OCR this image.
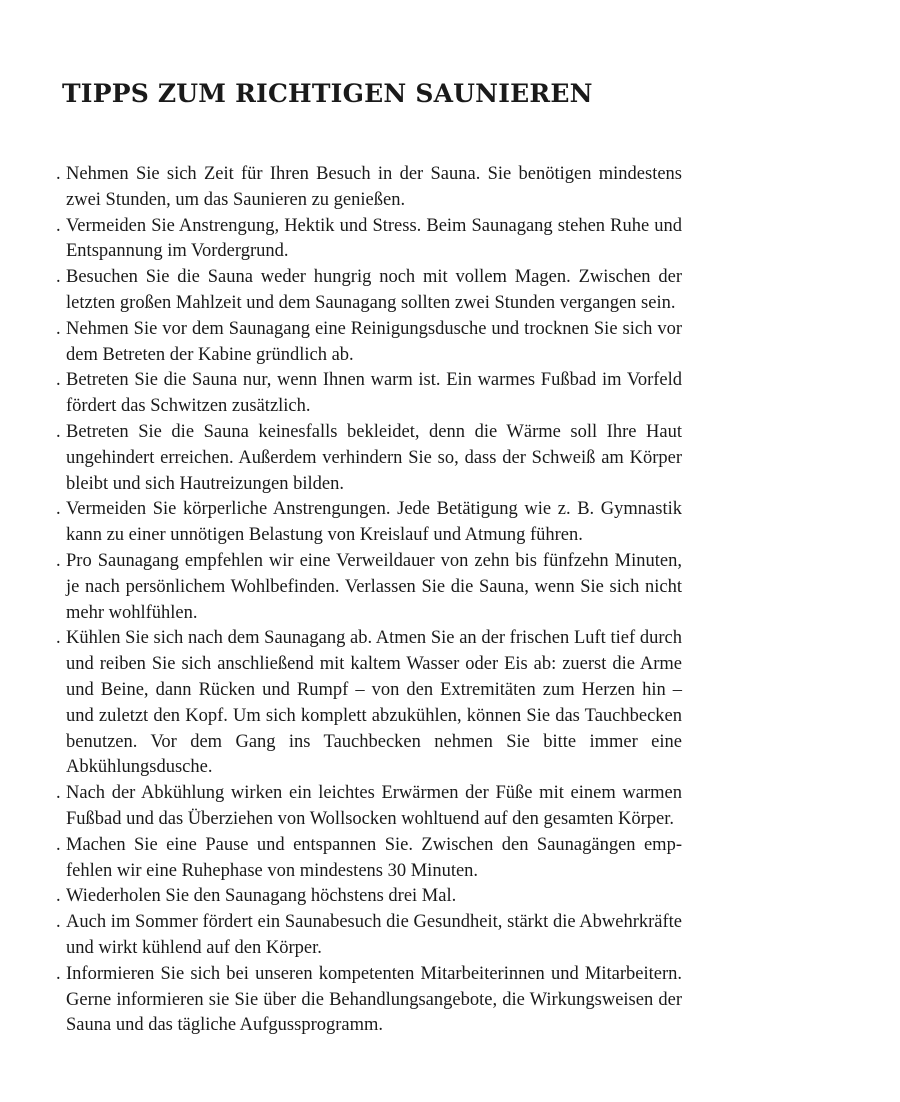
TIPPS ZUM RICHTIGEN SAUNIEREN
. Nehmen Sie sich Zeit für Ihren Besuch in der Sauna. Sie benötigen mindestens zwei Stunden, um das Saunieren zu genießen.
. Vermeiden Sie Anstrengung, Hektik und Stress. Beim Saunagang stehen Ruhe und Entspannung im Vordergrund.
. Besuchen Sie die Sauna weder hungrig noch mit vollem Magen. Zwischen der letzten großen Mahlzeit und dem Saunagang sollten zwei Stunden vergangen sein.
. Nehmen Sie vor dem Saunagang eine Reinigungsdusche und trocknen Sie sich vor dem Betreten der Kabine gründlich ab.
. Betreten Sie die Sauna nur, wenn Ihnen warm ist. Ein warmes Fußbad im Vorfeld fördert das Schwitzen zusätzlich.
. Betreten Sie die Sauna keinesfalls bekleidet, denn die Wärme soll Ihre Haut ungehindert erreichen. Außerdem verhindern Sie so, dass der Schweiß am Körper bleibt und sich Hautreizungen bilden.
. Vermeiden Sie körperliche Anstrengungen. Jede Betätigung wie z. B. Gymnastik kann zu einer unnötigen Belastung von Kreislauf und Atmung führen.
. Pro Saunagang empfehlen wir eine Verweildauer von zehn bis fünfzehn Minuten, je nach persönlichem Wohlbefinden. Verlassen Sie die Sauna, wenn Sie sich nicht mehr wohlfühlen.
. Kühlen Sie sich nach dem Saunagang ab. Atmen Sie an der frischen Luft tief durch und reiben Sie sich anschließend mit kaltem Wasser oder Eis ab: zuerst die Arme und Beine, dann Rücken und Rumpf – von den Extremitäten zum Herzen hin – und zuletzt den Kopf. Um sich komplett abzukühlen, können Sie das Tauchbecken benutzen. Vor dem Gang ins Tauchbecken nehmen Sie bitte immer eine Abkühlungsdusche.
. Nach der Abkühlung wirken ein leichtes Erwärmen der Füße mit einem warmen Fußbad und das Überziehen von Wollsocken wohltuend auf den gesamten Körper.
. Machen Sie eine Pause und entspannen Sie. Zwischen den Saunagängen empfehlen wir eine Ruhephase von mindestens 30 Minuten.
. Wiederholen Sie den Saunagang höchstens drei Mal.
. Auch im Sommer fördert ein Saunabesuch die Gesundheit, stärkt die Abwehrkräfte und wirkt kühlend auf den Körper.
. Informieren Sie sich bei unseren kompetenten Mitarbeiterinnen und Mitarbeitern. Gerne informieren sie Sie über die Behandlungsangebote, die Wirkungsweisen der Sauna und das tägliche Aufgussprogramm.
